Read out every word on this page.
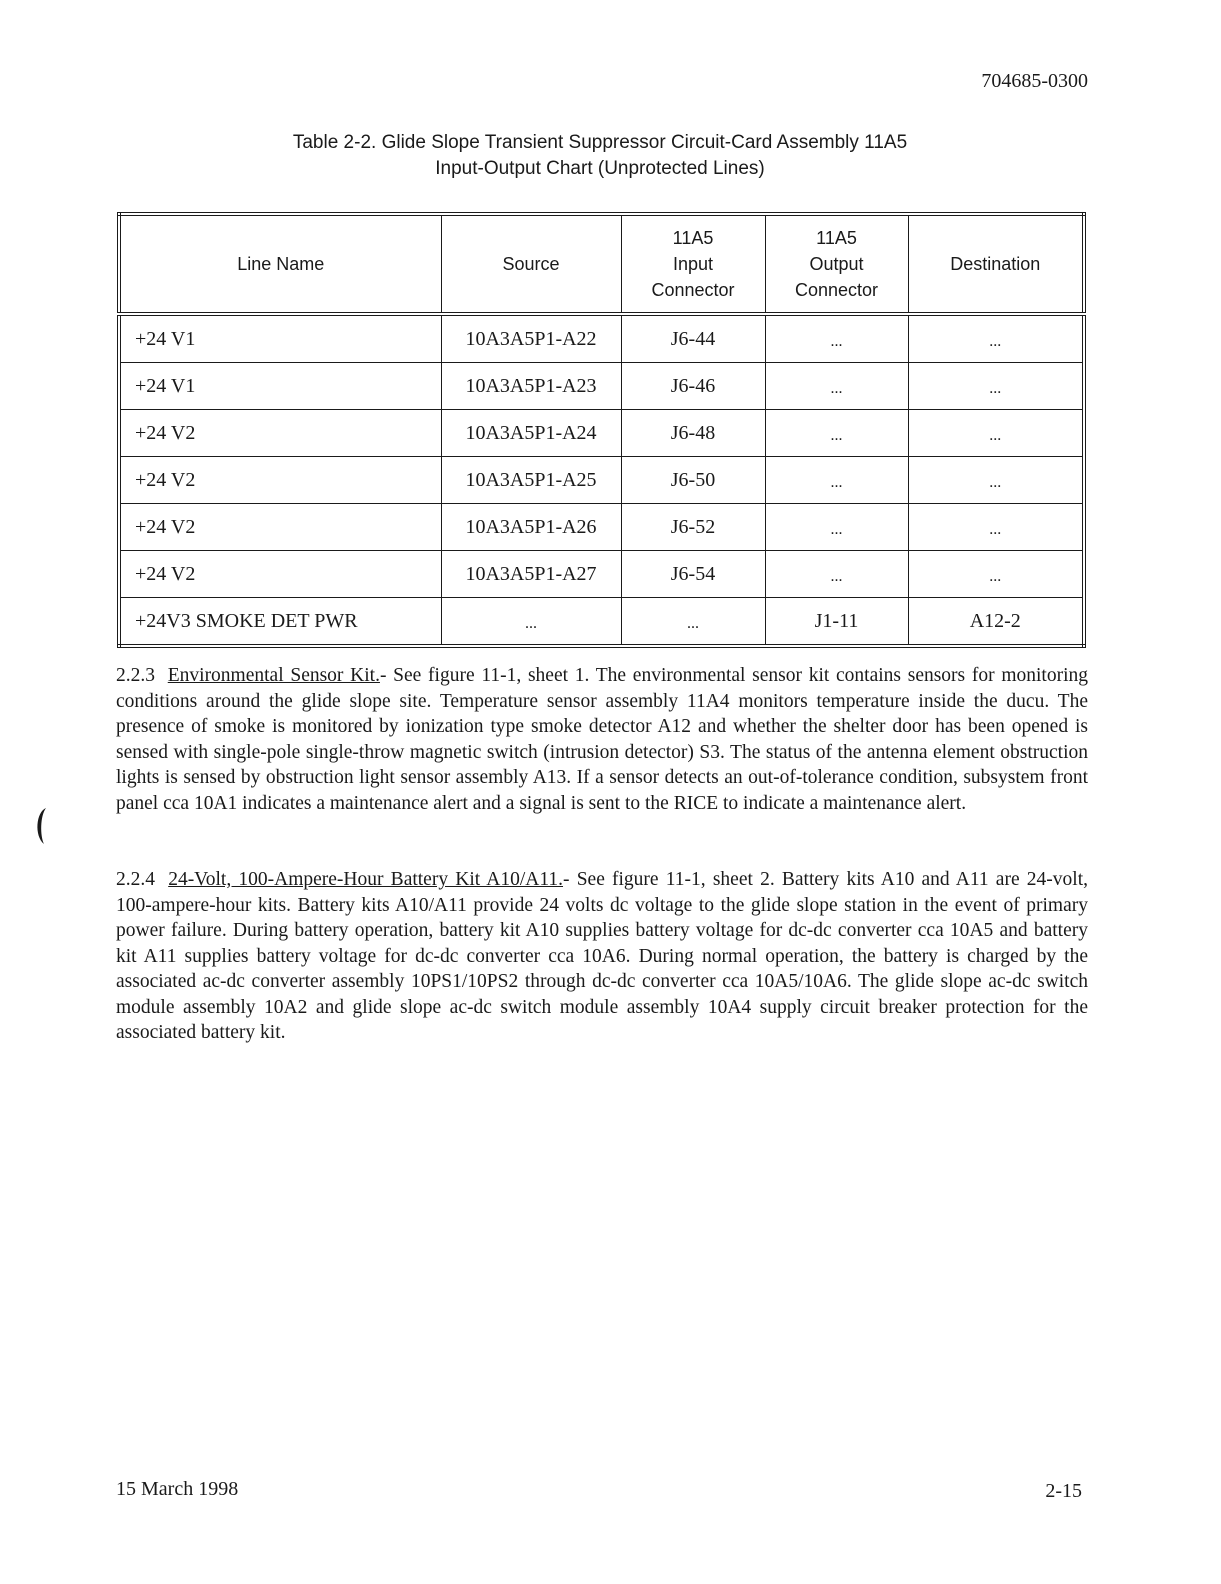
704685-0300
Table 2-2. Glide Slope Transient Suppressor Circuit-Card Assembly 11A5
Input-Output Chart (Unprotected Lines)
Line Name	Source	11A5
Input
Connector	11A5
Output
Connector	Destination

+24 V1	10A3A5P1-A22	J6-44	...	...
+24 V1	10A3A5P1-A23	J6-46	...	...
+24 V2	10A3A5P1-A24	J6-48	...	...
+24 V2	10A3A5P1-A25	J6-50	...	...
+24 V2	10A3A5P1-A26	J6-52	...	...
+24 V2	10A3A5P1-A27	J6-54	...	...
+24V3 SMOKE DET PWR	...	...	J1-11	A12-2
2.2.3 Environmental Sensor Kit.- See figure 11-1, sheet 1. The environmental sensor kit contains sensors for monitoring conditions around the glide slope site. Temperature sensor assembly 11A4 monitors temperature inside the ducu. The presence of smoke is monitored by ionization type smoke detector A12 and whether the shelter door has been opened is sensed with single-pole single-throw magnetic switch (intrusion detector) S3. The status of the antenna element obstruction lights is sensed by obstruction light sensor assembly A13. If a sensor detects an out-of-tolerance condition, subsystem front panel cca 10A1 indicates a maintenance alert and a signal is sent to the RICE to indicate a maintenance alert.
2.2.4 24-Volt, 100-Ampere-Hour Battery Kit A10/A11.- See figure 11-1, sheet 2. Battery kits A10 and A11 are 24-volt, 100-ampere-hour kits. Battery kits A10/A11 provide 24 volts dc voltage to the glide slope station in the event of primary power failure. During battery operation, battery kit A10 supplies battery voltage for dc-dc converter cca 10A5 and battery kit A11 supplies battery voltage for dc-dc converter cca 10A6. During normal operation, the battery is charged by the associated ac-dc converter assembly 10PS1/10PS2 through dc-dc converter cca 10A5/10A6. The glide slope ac-dc switch module assembly 10A2 and glide slope ac-dc switch module assembly 10A4 supply circuit breaker protection for the associated battery kit.
15 March 1998	2-15
